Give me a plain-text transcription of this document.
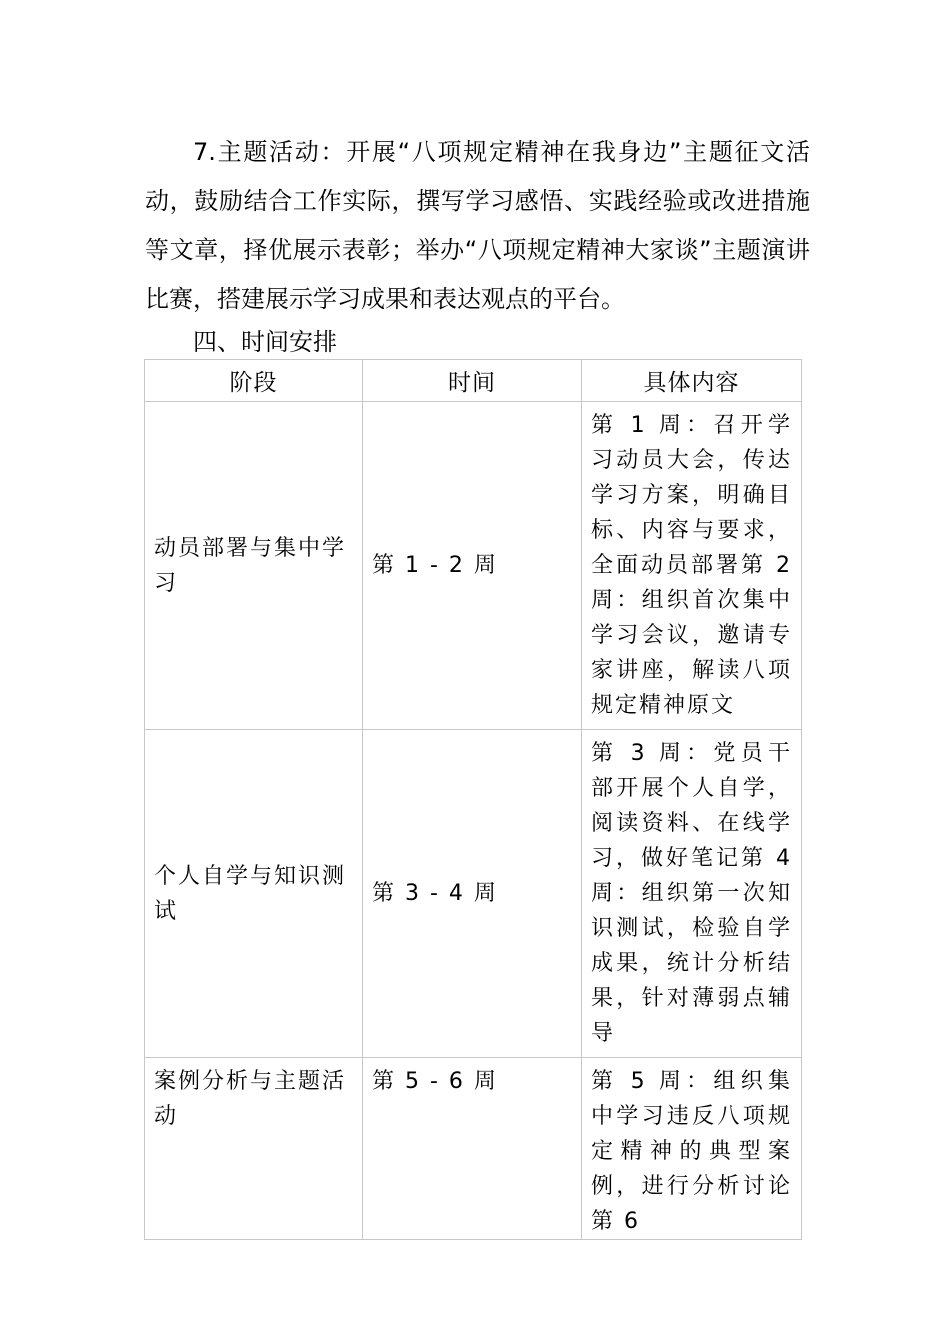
7.主题活动：开展“八项规定精神在我身边”主题征文活动，鼓励结合工作实际，撰写学习感悟、实践经验或改进措施等文章，择优展示表彰；举办“八项规定精神大家谈”主题演讲比赛，搭建展示学习成果和表达观点的平台。

四、时间安排

阶段	时间	具体内容
动员部署与集中学习	第 1 - 2 周	第 1 周：召开学习动员大会，传达学习方案，明确目标、内容与要求，全面动员部署第 2 周：组织首次集中学习会议，邀请专家讲座，解读八项规定精神原文
个人自学与知识测试	第 3 - 4 周	第 3 周：党员干部开展个人自学，阅读资料、在线学习，做好笔记第 4 周：组织第一次知识测试，检验自学成果，统计分析结果，针对薄弱点辅导
案例分析与主题活动	第 5 - 6 周	第 5 周：组织集中学习违反八项规定精神的典型案例，进行分析讨论第 6
